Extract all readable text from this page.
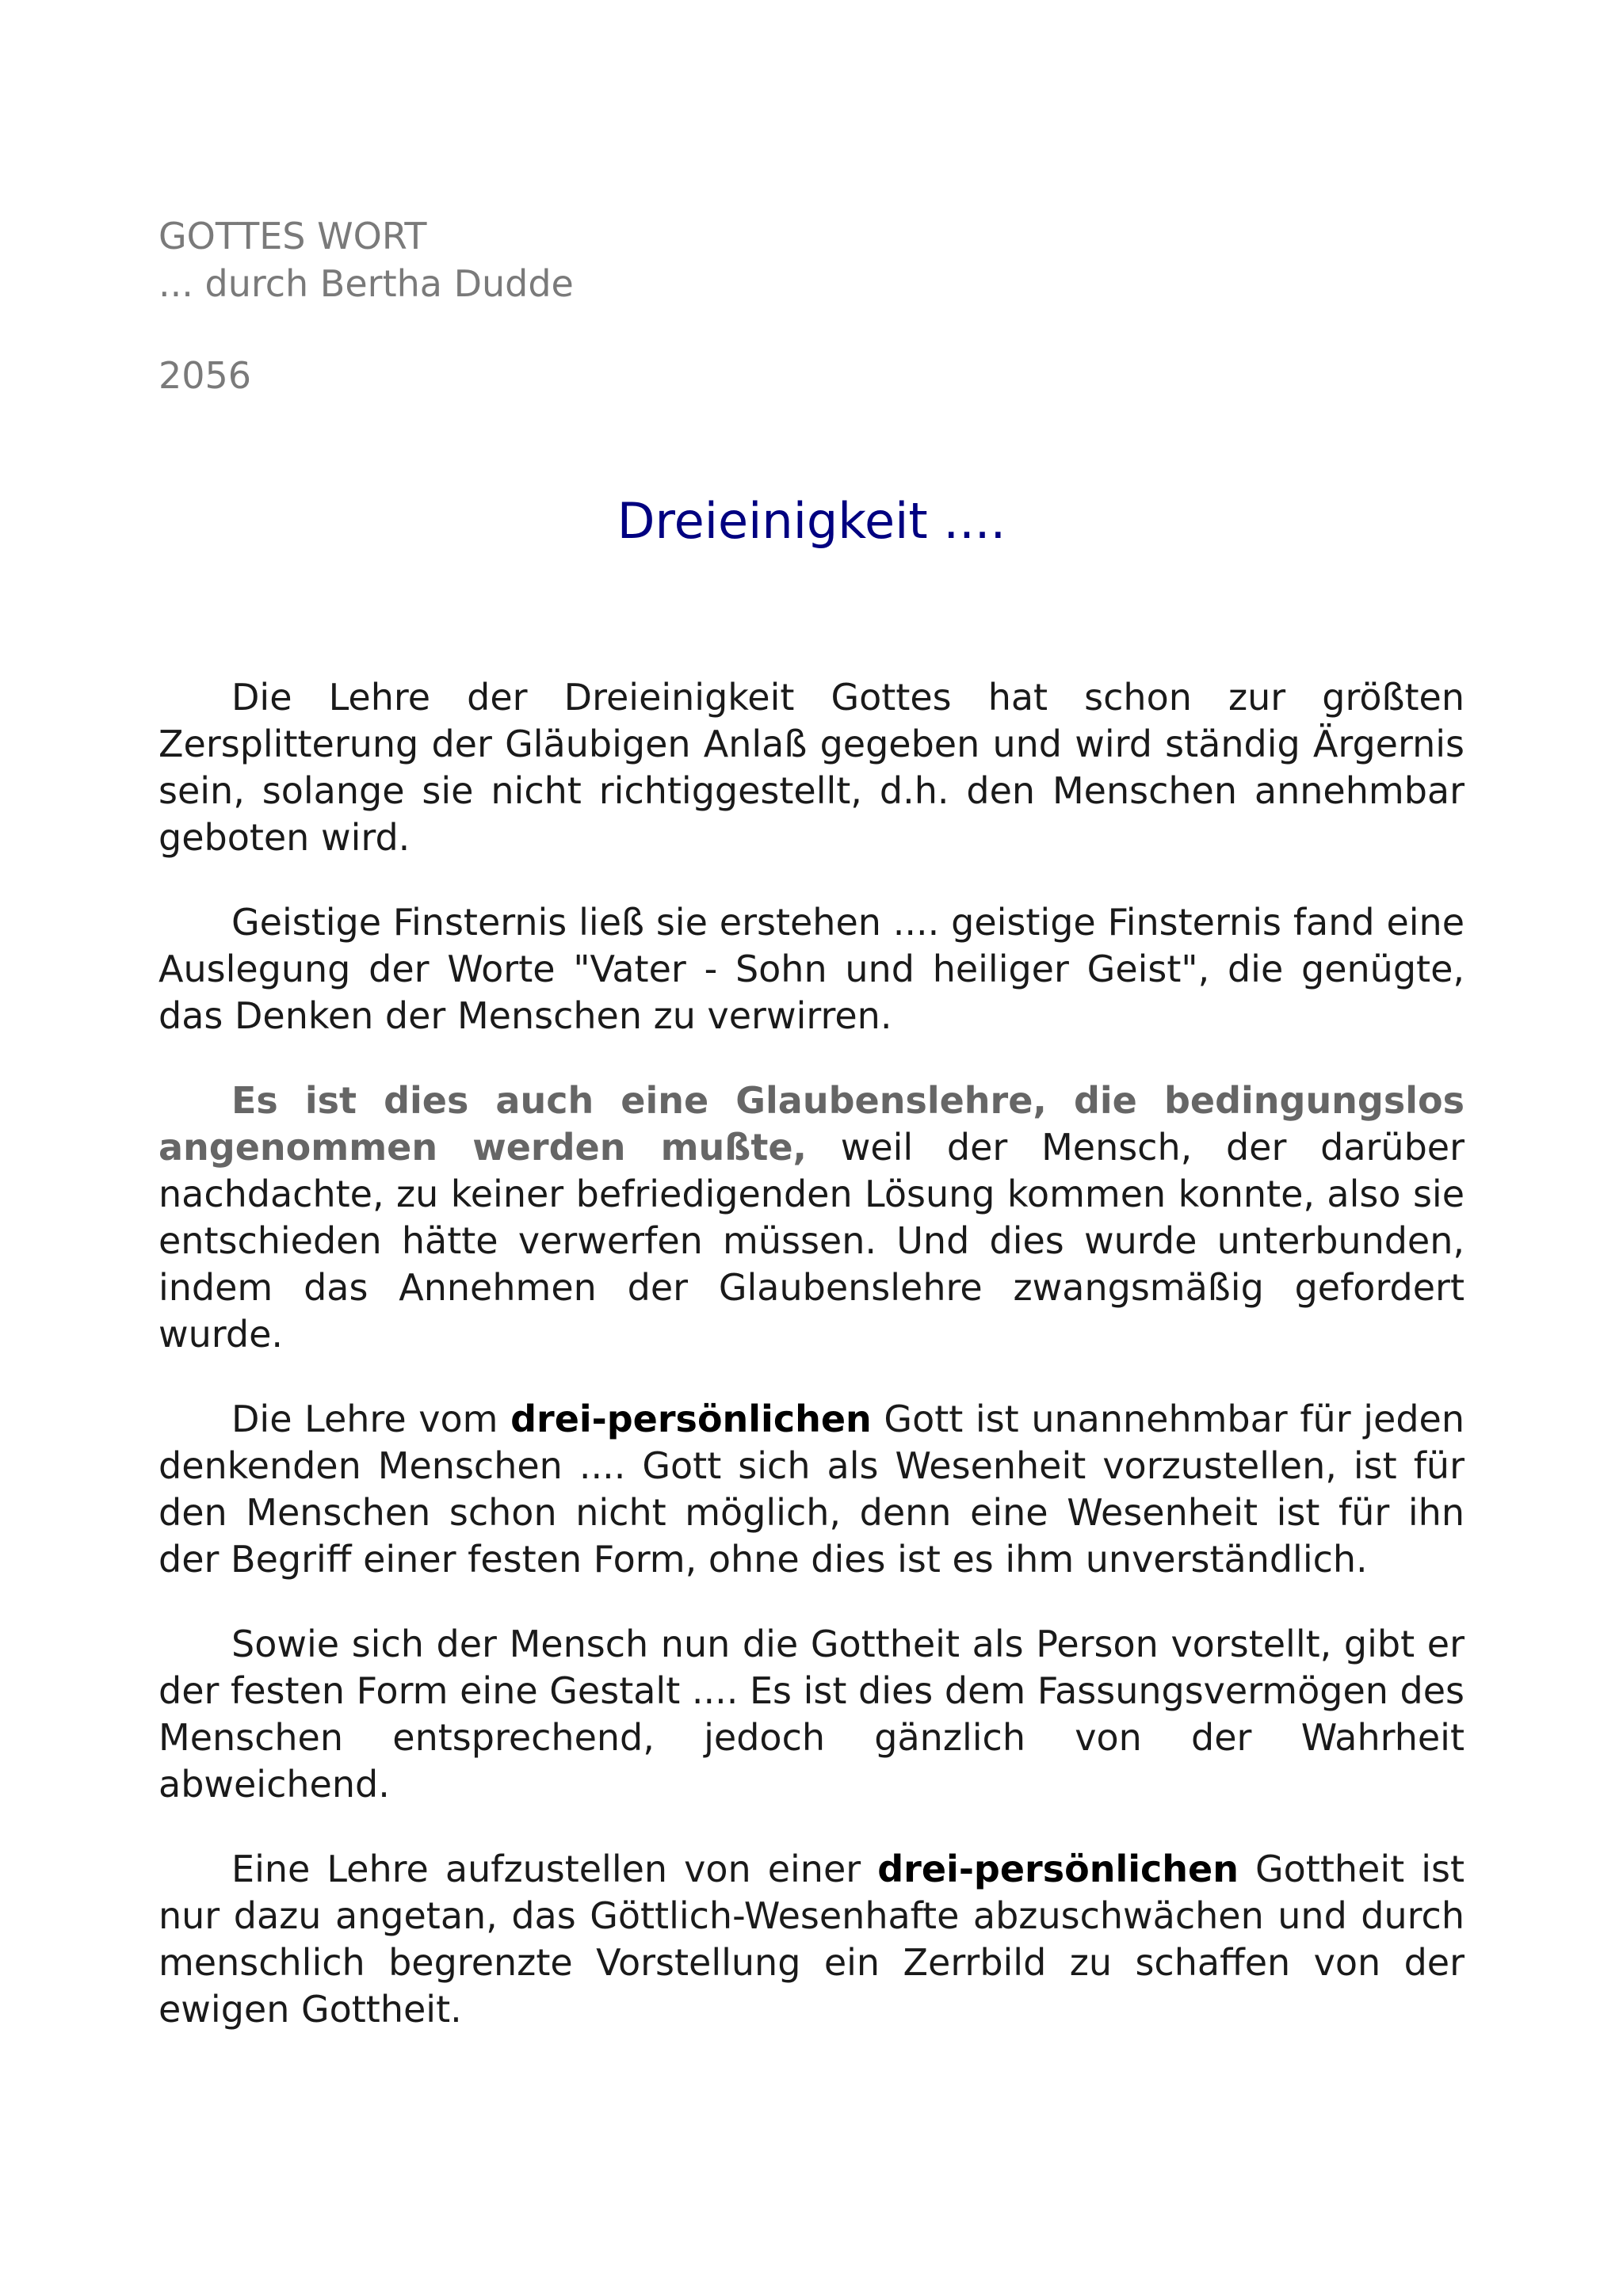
GOTTES WORT
... durch Bertha Dudde
2056
Dreieinigkeit ....

Die Lehre der Dreieinigkeit Gottes hat schon zur größten Zersplitterung der Gläubigen Anlaß gegeben und wird ständig Ärgernis sein, solange sie nicht richtiggestellt, d.h. den Menschen annehmbar geboten wird.

Geistige Finsternis ließ sie erstehen .... geistige Finsternis fand eine Auslegung der Worte "Vater - Sohn und heiliger Geist", die genügte, das Denken der Menschen zu verwirren.

Es ist dies auch eine Glaubenslehre, die bedingungslos angenommen werden mußte, weil der Mensch, der darüber nachdachte, zu keiner befriedigenden Lösung kommen konnte, also sie entschieden hätte verwerfen müssen. Und dies wurde unterbunden, indem das Annehmen der Glaubenslehre zwangsmäßig gefordert wurde.

Die Lehre vom drei-persönlichen Gott ist unannehmbar für jeden denkenden Menschen .... Gott sich als Wesenheit vorzustellen, ist für den Menschen schon nicht möglich, denn eine Wesenheit ist für ihn der Begriff einer festen Form, ohne dies ist es ihm unverständlich.

Sowie sich der Mensch nun die Gottheit als Person vorstellt, gibt er der festen Form eine Gestalt .... Es ist dies dem Fassungsvermögen des Menschen entsprechend, jedoch gänzlich von der Wahrheit abweichend.

Eine Lehre aufzustellen von einer drei-persönlichen Gottheit ist nur dazu angetan, das Göttlich-Wesenhafte abzuschwächen und durch menschlich begrenzte Vorstellung ein Zerrbild zu schaffen von der ewigen Gottheit.
